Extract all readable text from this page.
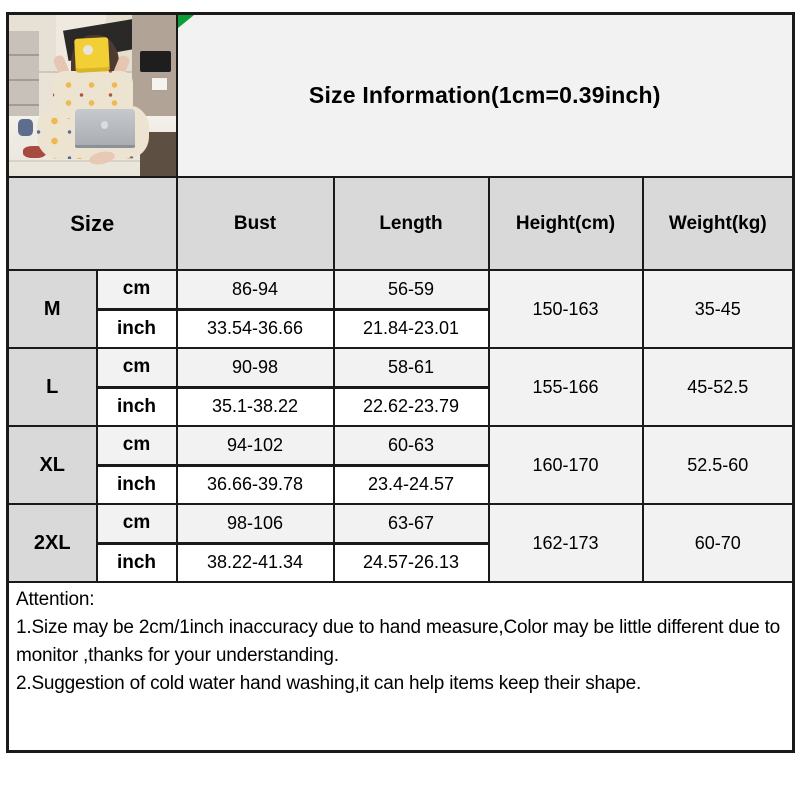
Size Information(1cm=0.39inch)			
Size		Bust	Length	Height(cm)	Weight(kg)
M	cm	86-94	56-59	150-163	35-45
	inch	33.54-36.66	21.84-23.01		
L	cm	90-98	58-61	155-166	45-52.5
	inch	35.1-38.22	22.62-23.79		
XL	cm	94-102	60-63	160-170	52.5-60
	inch	36.66-39.78	23.4-24.57		
2XL	cm	98-106	63-67	162-173	60-70
	inch	38.22-41.34	24.57-26.13		

Attention:
1.Size may be 2cm/1inch inaccuracy due to hand measure,Color may be little different due to monitor ,thanks for your understanding.
2.Suggestion of cold water hand washing,it can help items keep their shape.					
